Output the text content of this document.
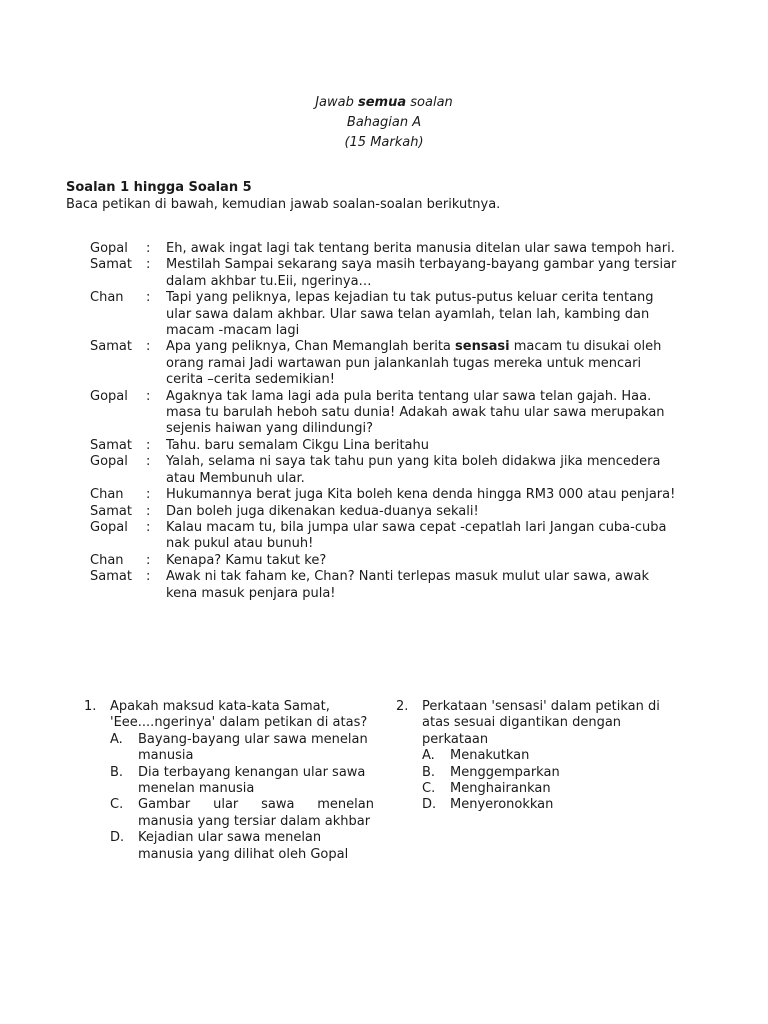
Jawab semua soalan
Bahagian A
(15 Markah)
Soalan 1 hingga Soalan 5
Baca petikan di bawah, kemudian jawab soalan-soalan berikutnya.
Gopal	:	Eh, awak ingat lagi tak tentang berita manusia ditelan ular sawa tempoh hari.
Samat	:	Mestilah Sampai sekarang saya masih terbayang-bayang gambar yang tersiar dalam akhbar tu.Eii, ngerinya…
Chan	:	Tapi yang peliknya, lepas kejadian tu tak putus-putus keluar cerita tentang ular sawa dalam akhbar. Ular sawa telan ayamlah, telan lah, kambing dan macam -macam lagi
Samat	:	Apa yang peliknya, Chan Memanglah berita sensasi macam tu disukai oleh orang ramai Jadi wartawan pun jalankanlah tugas mereka untuk mencari cerita –cerita sedemikian!
Gopal	:	Agaknya tak lama lagi ada pula berita tentang ular sawa telan gajah. Haa. masa tu barulah heboh satu dunia! Adakah awak tahu ular sawa merupakan sejenis haiwan yang dilindungi?
Samat	:	Tahu. baru semalam Cikgu Lina beritahu
Gopal	:	Yalah, selama ni saya tak tahu pun yang kita boleh didakwa jika mencedera atau Membunuh ular.
Chan	:	Hukumannya berat juga Kita boleh kena denda hingga RM3 000 atau penjara!
Samat	:	Dan boleh juga dikenakan kedua-duanya sekali!
Gopal	:	Kalau macam tu, bila jumpa ular sawa cepat -cepatlah lari Jangan cuba-cuba nak pukul atau bunuh!
Chan	:	Kenapa? Kamu takut ke?
Samat	:	Awak ni tak faham ke, Chan? Nanti terlepas masuk mulut ular sawa, awak kena masuk penjara pula!
1.	Apakah maksud kata-kata Samat, 'Eee....ngerinya' dalam petikan di atas?
A.	Bayang-bayang ular sawa menelan manusia
B.	Dia terbayang kenangan ular sawa menelan manusia
C.	Gambar ular sawa menelan manusia yang tersiar dalam akhbar
D.	Kejadian ular sawa menelan manusia yang dilihat oleh Gopal
2.	Perkataan 'sensasi' dalam petikan di atas sesuai digantikan dengan perkataan
A.	Menakutkan
B.	Menggemparkan
C.	Menghairankan
D.	Menyeronokkan
